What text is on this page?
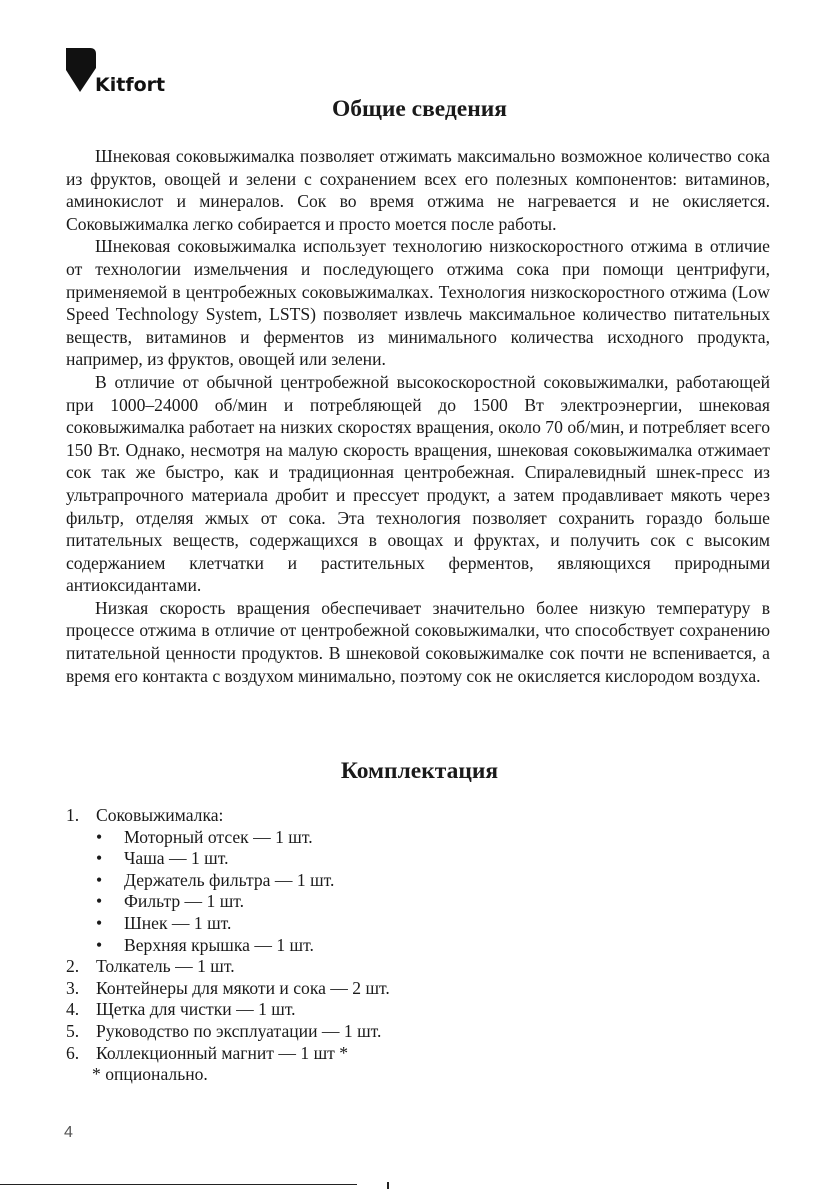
Kitfort
Общие сведения

Шнековая соковыжималка позволяет отжимать максимально возможное количество сока из фруктов, овощей и зелени с сохранением всех его полезных компонентов: витаминов, аминокислот и минералов. Сок во время отжима не нагревается и не окисляется. Соковыжималка легко собирается и просто моется после работы.

Шнековая соковыжималка использует технологию низкоскоростного отжима в отличие от технологии измельчения и последующего отжима сока при помощи центрифуги, применяемой в центробежных соковыжималках. Технология низкоскоростного отжима (Low Speed Technology System, LSTS) позволяет извлечь максимальное количество питательных веществ, витаминов и ферментов из минимального количества исходного продукта, например, из фруктов, овощей или зелени.

В отличие от обычной центробежной высокоскоростной соковыжималки, работающей при 1000–24000 об/мин и потребляющей до 1500 Вт электроэнергии, шнековая соковыжималка работает на низких скоростях вращения, около 70 об/мин, и потребляет всего 150 Вт. Однако, несмотря на малую скорость вращения, шнековая соковыжималка отжимает сок так же быстро, как и традиционная центробежная. Спиралевидный шнек-пресс из ультрапрочного материала дробит и прессует продукт, а затем продавливает мякоть через фильтр, отделяя жмых от сока. Эта технология позволяет сохранить гораздо больше питательных веществ, содержащихся в овощах и фруктах, и получить сок с высоким содержанием клетчатки и растительных ферментов, являющихся природными антиоксидантами.

Низкая скорость вращения обеспечивает значительно более низкую температуру в процессе отжима в отличие от центробежной соковыжималки, что способствует сохранению питательной ценности продуктов. В шнековой соковыжималке сок почти не вспенивается, а время его контакта с воздухом минимально, поэтому сок не окисляется кислородом воздуха.

Комплектация
1. Соковыжималка:
• Моторный отсек — 1 шт.
• Чаша — 1 шт.
• Держатель фильтра — 1 шт.
• Фильтр — 1 шт.
• Шнек — 1 шт.
• Верхняя крышка — 1 шт.
2. Толкатель — 1 шт.
3. Контейнеры для мякоти и сока — 2 шт.
4. Щетка для чистки — 1 шт.
5. Руководство по эксплуатации — 1 шт.
6. Коллекционный магнит — 1 шт *
* опционально.
4
